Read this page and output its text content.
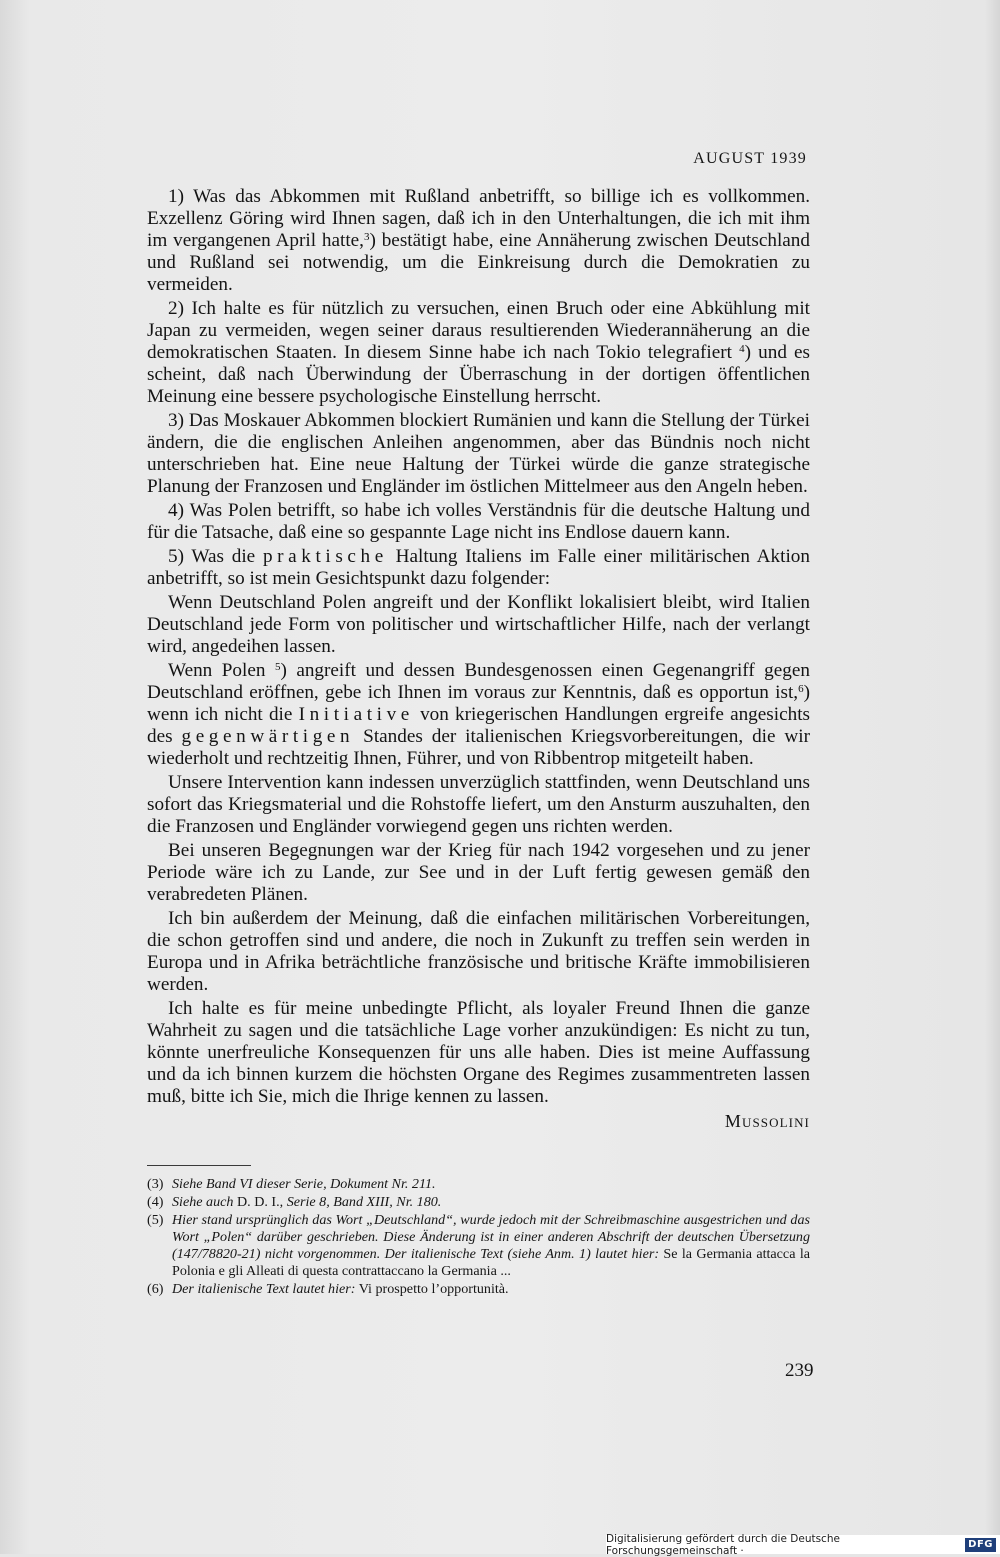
AUGUST 1939

1) Was das Abkommen mit Rußland anbetrifft, so billige ich es vollkommen. Exzellenz Göring wird Ihnen sagen, daß ich in den Unterhaltungen, die ich mit ihm im vergangenen April hatte,$^3$) bestätigt habe, eine Annäherung zwischen Deutschland und Rußland sei notwendig, um die Einkreisung durch die Demokratien zu vermeiden.

2) Ich halte es für nützlich zu versuchen, einen Bruch oder eine Abkühlung mit Japan zu vermeiden, wegen seiner daraus resultierenden Wiederannäherung an die demokratischen Staaten. In diesem Sinne habe ich nach Tokio telegrafiert $^4$) und es scheint, daß nach Überwindung der Überraschung in der dortigen öffentlichen Meinung eine bessere psychologische Einstellung herrscht.

3) Das Moskauer Abkommen blockiert Rumänien und kann die Stellung der Türkei ändern, die die englischen Anleihen angenommen, aber das Bündnis noch nicht unterschrieben hat. Eine neue Haltung der Türkei würde die ganze strategische Planung der Franzosen und Engländer im östlichen Mittelmeer aus den Angeln heben.

4) Was Polen betrifft, so habe ich volles Verständnis für die deutsche Haltung und für die Tatsache, daß eine so gespannte Lage nicht ins Endlose dauern kann.

5) Was die praktische Haltung Italiens im Falle einer militärischen Aktion anbetrifft, so ist mein Gesichtspunkt dazu folgender:

Wenn Deutschland Polen angreift und der Konflikt lokalisiert bleibt, wird Italien Deutschland jede Form von politischer und wirtschaftlicher Hilfe, nach der verlangt wird, angedeihen lassen.

Wenn Polen $^5$) angreift und dessen Bundesgenossen einen Gegenangriff gegen Deutschland eröffnen, gebe ich Ihnen im voraus zur Kenntnis, daß es opportun ist,$^6$) wenn ich nicht die Initiative von kriegerischen Handlungen ergreife angesichts des gegenwärtigen Standes der italienischen Kriegsvorbereitungen, die wir wiederholt und rechtzeitig Ihnen, Führer, und von Ribbentrop mitgeteilt haben.

Unsere Intervention kann indessen unverzüglich stattfinden, wenn Deutschland uns sofort das Kriegsmaterial und die Rohstoffe liefert, um den Ansturm auszuhalten, den die Franzosen und Engländer vorwiegend gegen uns richten werden.

Bei unseren Begegnungen war der Krieg für nach 1942 vorgesehen und zu jener Periode wäre ich zu Lande, zur See und in der Luft fertig gewesen gemäß den verabredeten Plänen.

Ich bin außerdem der Meinung, daß die einfachen militärischen Vorbereitungen, die schon getroffen sind und andere, die noch in Zukunft zu treffen sein werden in Europa und in Afrika beträchtliche französische und britische Kräfte immobilisieren werden.

Ich halte es für meine unbedingte Pflicht, als loyaler Freund Ihnen die ganze Wahrheit zu sagen und die tatsächliche Lage vorher anzukündigen: Es nicht zu tun, könnte unerfreuliche Konsequenzen für uns alle haben. Dies ist meine Auffassung und da ich binnen kurzem die höchsten Organe des Regimes zusammentreten lassen muß, bitte ich Sie, mich die Ihrige kennen zu lassen.

Mussolini

(3) Siehe Band VI dieser Serie, Dokument Nr. 211.
(4) Siehe auch D. D. I., Serie 8, Band XIII, Nr. 180.
(5) Hier stand ursprünglich das Wort „Deutschland“, wurde jedoch mit der Schreibmaschine ausgestrichen und das Wort „Polen“ darüber geschrieben. Diese Änderung ist in einer anderen Abschrift der deutschen Übersetzung (147/78820-21) nicht vorgenommen. Der italienische Text (siehe Anm. 1) lautet hier: Se la Germania attacca la Polonia e gli Alleati di questa contrattaccano la Germania ...
(6) Der italienische Text lautet hier: Vi prospetto l’opportunità.
239
Digitalisierung gefördert durch die Deutsche Forschungsgemeinschaft ·	DFG
